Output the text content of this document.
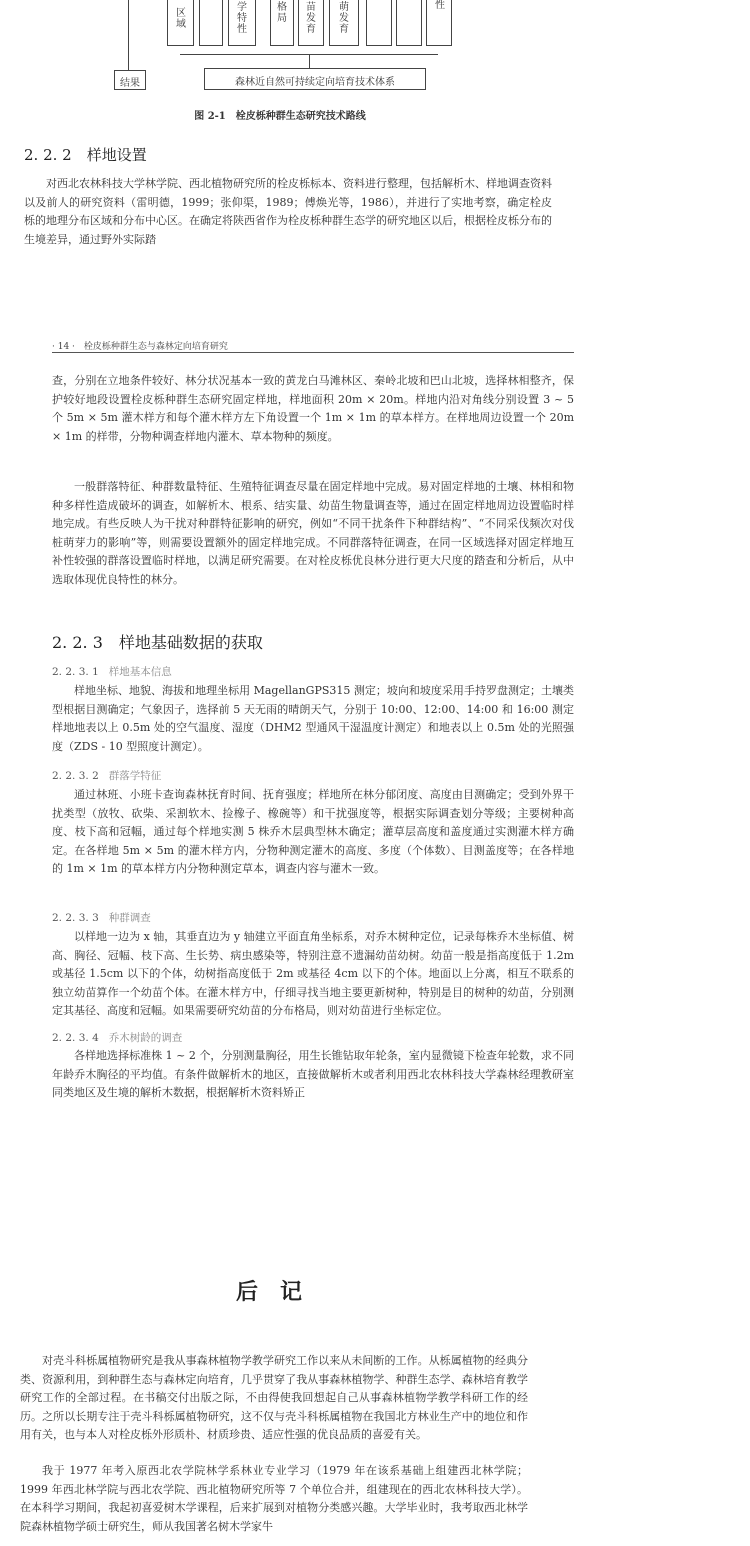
区域
学特性
格局
苗发育
萌发育
性
结果	森林近自然可持续定向培育技术体系
图 2-1　栓皮栎种群生态研究技术路线
2. 2. 2　样地设置

对西北农林科技大学林学院、西北植物研究所的栓皮栎标本、资料进行整理，包括解析木、样地调查资料以及前人的研究资料（雷明德，1999；张仰渠，1989；傅焕光等，1986），并进行了实地考察，确定栓皮栎的地理分布区域和分布中心区。在确定将陕西省作为栓皮栎种群生态学的研究地区以后，根据栓皮栎分布的生境差异，通过野外实际踏

· 14 ·　栓皮栎种群生态与森林定向培育研究

查，分别在立地条件较好、林分状况基本一致的黄龙白马滩林区、秦岭北坡和巴山北坡，选择林相整齐，保护较好地段设置栓皮栎种群生态研究固定样地，样地面积 20m × 20m。样地内沿对角线分别设置 3 ~ 5 个 5m × 5m 灌木样方和每个灌木样方左下角设置一个 1m × 1m 的草本样方。在样地周边设置一个 20m × 1m 的样带，分物种调查样地内灌木、草本物种的频度。

一般群落特征、种群数量特征、生殖特征调查尽量在固定样地中完成。易对固定样地的土壤、林相和物种多样性造成破坏的调查，如解析木、根系、结实量、幼苗生物量调查等，通过在固定样地周边设置临时样地完成。有些反映人为干扰对种群特征影响的研究，例如“不同干扰条件下种群结构”、“不同采伐频次对伐桩萌芽力的影响”等，则需要设置额外的固定样地完成。不同群落特征调查，在同一区域选择对固定样地互补性较强的群落设置临时样地，以满足研究需要。在对栓皮栎优良林分进行更大尺度的踏查和分析后，从中选取体现优良特性的林分。

2. 2. 3　样地基础数据的获取
2. 2. 3. 1 样地基本信息

样地坐标、地貌、海拔和地理坐标用 MagellanGPS315 测定；坡向和坡度采用手持罗盘测定；土壤类型根据目测确定；气象因子，选择前 5 天无雨的晴朗天气，分别于 10:00、12:00、14:00 和 16:00 测定样地地表以上 0.5m 处的空气温度、湿度（DHM2 型通风干湿温度计测定）和地表以上 0.5m 处的光照强度（ZDS - 10 型照度计测定）。

2. 2. 3. 2 群落学特征

通过林班、小班卡查询森林抚育时间、抚育强度；样地所在林分郁闭度、高度由目测确定；受到外界干扰类型（放牧、砍柴、采割软木、捡橡子、橡碗等）和干扰强度等，根据实际调查划分等级；主要树种高度、枝下高和冠幅，通过每个样地实测 5 株乔木层典型林木确定；灌草层高度和盖度通过实测灌木样方确定。在各样地 5m × 5m 的灌木样方内，分物种测定灌木的高度、多度（个体数）、目测盖度等；在各样地的 1m × 1m 的草本样方内分物种测定草本，调查内容与灌木一致。

2. 2. 3. 3 种群调查

以样地一边为 x 轴，其垂直边为 y 轴建立平面直角坐标系，对乔木树种定位，记录每株乔木坐标值、树高、胸径、冠幅、枝下高、生长势、病虫感染等，特别注意不遗漏幼苗幼树。幼苗一般是指高度低于 1.2m 或基径 1.5cm 以下的个体，幼树指高度低于 2m 或基径 4cm 以下的个体。地面以上分离，相互不联系的独立幼苗算作一个幼苗个体。在灌木样方中，仔细寻找当地主要更新树种，特别是目的树种的幼苗，分别测定其基径、高度和冠幅。如果需要研究幼苗的分布格局，则对幼苗进行坐标定位。

2. 2. 3. 4 乔木树龄的调查

各样地选择标准株 1 ~ 2 个，分别测量胸径，用生长锥钻取年轮条，室内显微镜下检查年轮数，求不同年龄乔木胸径的平均值。有条件做解析木的地区，直接做解析木或者利用西北农林科技大学森林经理教研室同类地区及生境的解析木数据，根据解析木资料矫正

后记

对壳斗科栎属植物研究是我从事森林植物学教学研究工作以来从未间断的工作。从栎属植物的经典分类、资源利用，到种群生态与森林定向培育，几乎贯穿了我从事森林植物学、种群生态学、森林培育教学研究工作的全部过程。在书稿交付出版之际，不由得使我回想起自己从事森林植物学教学科研工作的经历。之所以长期专注于壳斗科栎属植物研究，这不仅与壳斗科栎属植物在我国北方林业生产中的地位和作用有关，也与本人对栓皮栎外形质朴、材质珍贵、适应性强的优良品质的喜爱有关。

我于 1977 年考入原西北农学院林学系林业专业学习（1979 年在该系基础上组建西北林学院；1999 年西北林学院与西北农学院、西北植物研究所等 7 个单位合并，组建现在的西北农林科技大学）。在本科学习期间，我起初喜爱树木学课程，后来扩展到对植物分类感兴趣。大学毕业时，我考取西北林学院森林植物学硕士研究生，师从我国著名树木学家牛
